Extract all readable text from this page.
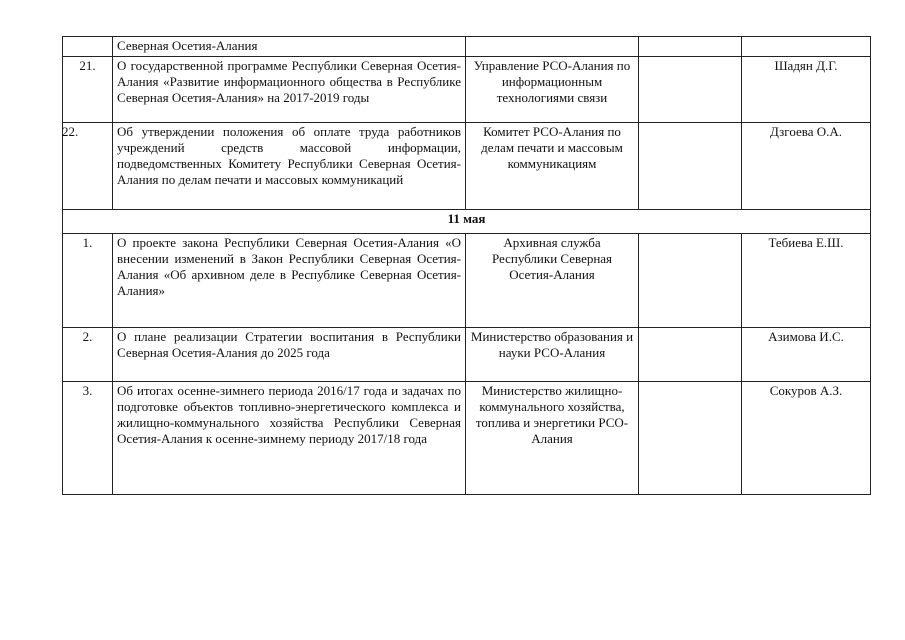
	Северная Осетия-Алания			
21.	О государственной программе Республики Северная Осетия-Алания «Развитие информационного общества в Республике Северная Осетия-Алания» на 2017-2019 годы	Управление РСО-Алания по информационным технологиями связи		Шадян Д.Г.
22.	Об утверждении положения об оплате труда работников учреждений средств массовой информации, подведомственных Комитету Республики Северная Осетия-Алания по делам печати и массовых коммуникаций	Комитет РСО-Алания по делам печати и массовым коммуникациям		Дзгоева О.А.
11 мая
1.	О проекте закона Республики Северная Осетия-Алания «О внесении изменений в Закон Республики Северная Осетия-Алания «Об архивном деле в Республике Северная Осетия-Алания»	Архивная служба Республики Северная Осетия-Алания		Тебиева Е.Ш.
2.	О плане реализации Стратегии воспитания в Республики Северная Осетия-Алания до 2025 года	Министерство образования и науки РСО-Алания		Азимова И.С.
3.	Об итогах осенне-зимнего периода 2016/17 года и задачах по подготовке объектов топливно-энергетического комплекса и жилищно-коммунального хозяйства Республики Северная Осетия-Алания к осенне-зимнему периоду 2017/18 года	Министерство жилищно-коммунального хозяйства, топлива и энергетики РСО-Алания		Сокуров А.З.
